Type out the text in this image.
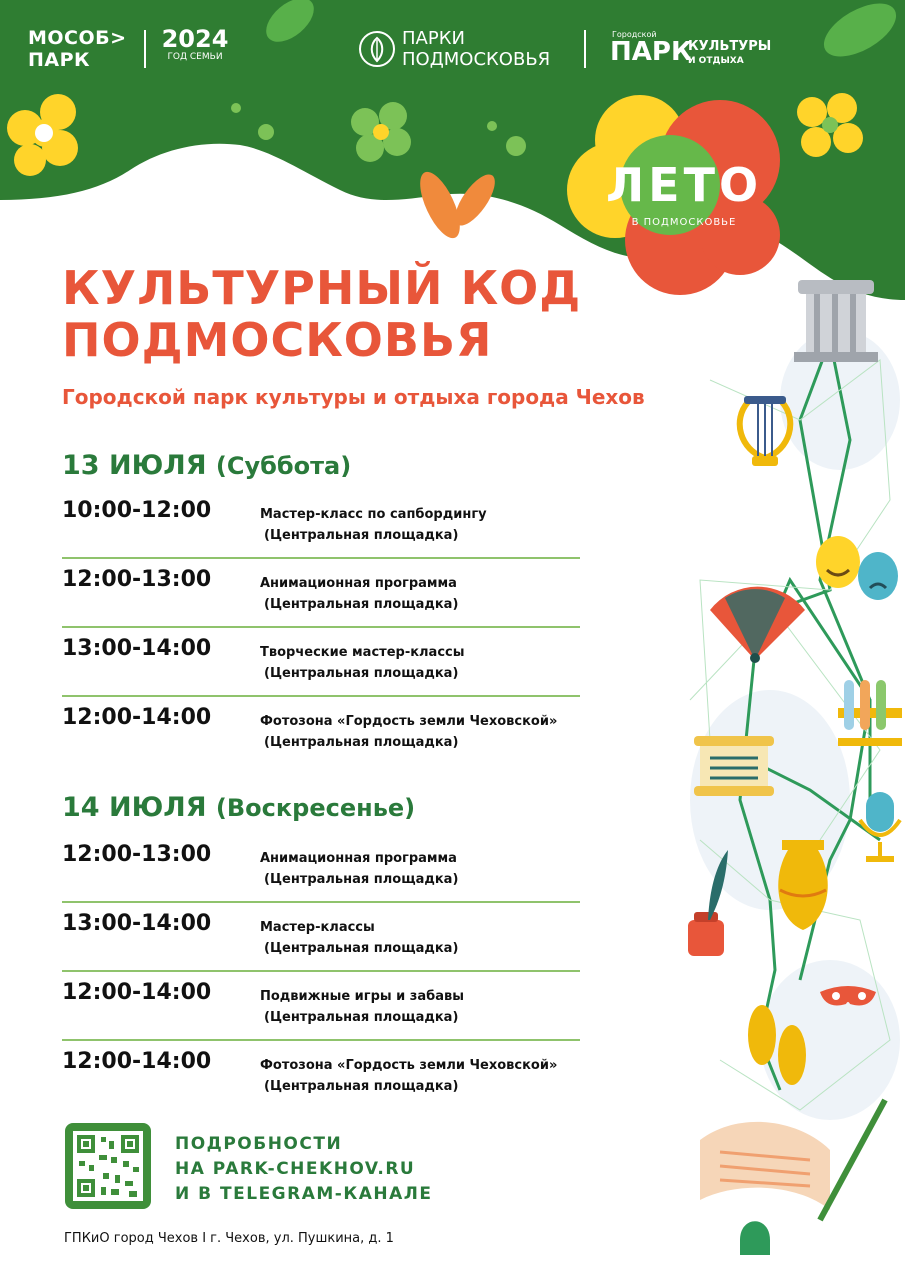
МОСОБ>
ПАРК
2024
ГОД СЕМЬИ
ПАРКИ
ПОДМОСКОВЬЯ
Городской
ПАРК
КУЛЬТУРЫ
И ОТДЫХА
ЛЕТО
В ПОДМОСКОВЬЕ
КУЛЬТУРНЫЙ КОД
ПОДМОСКОВЬЯ
Городской парк культуры и отдыха города Чехов
13 ИЮЛЯ (Суббота)
10:00-12:00	Мастер-класс по сапбордингу
(Центральная площадка)
12:00-13:00	Анимационная программа
(Центральная площадка)
13:00-14:00	Творческие мастер-классы
(Центральная площадка)
12:00-14:00	Фотозона «Гордость земли Чеховской»
(Центральная площадка)
14 ИЮЛЯ (Воскресенье)
12:00-13:00	Анимационная программа
(Центральная площадка)
13:00-14:00	Мастер-классы
(Центральная площадка)
12:00-14:00	Подвижные игры и забавы
(Центральная площадка)
12:00-14:00	Фотозона «Гордость земли Чеховской»
(Центральная площадка)
ПОДРОБНОСТИ
НА PARK-CHEKHOV.RU
И В TELEGRAM-КАНАЛЕ
ГПКиО город Чехов I г. Чехов, ул. Пушкина, д. 1
